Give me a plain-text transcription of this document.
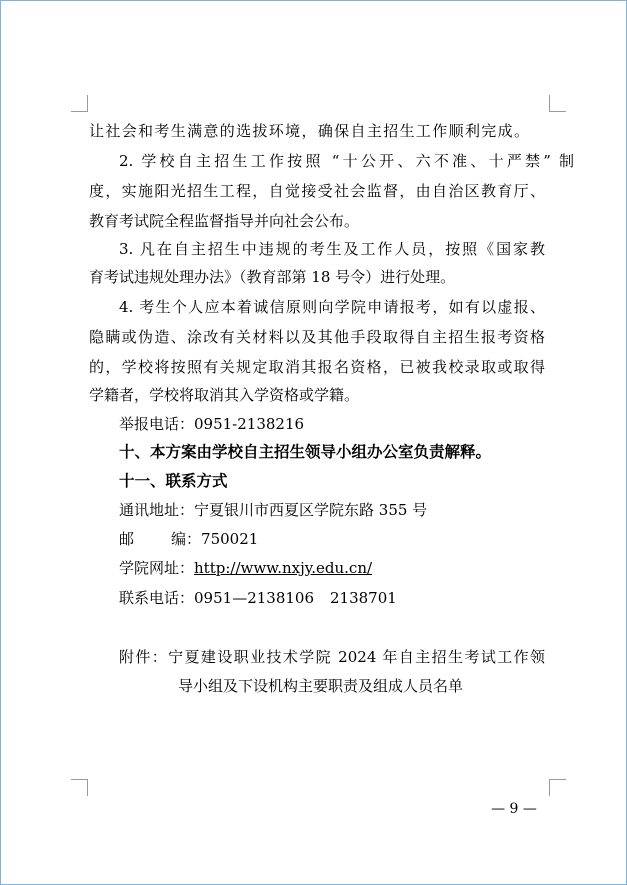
让社会和考生满意的选拔环境，确保自主招生工作顺利完成。
2. 学校自主招生工作按照 “十公开、六不准、十严禁” 制
度，实施阳光招生工程，自觉接受社会监督，由自治区教育厅、
教育考试院全程监督指导并向社会公布。
3. 凡在自主招生中违规的考生及工作人员，按照《国家教
育考试违规处理办法》（教育部第 18 号令）进行处理。
4. 考生个人应本着诚信原则向学院申请报考，如有以虚报、
隐瞒或伪造、涂改有关材料以及其他手段取得自主招生报考资格
的，学校将按照有关规定取消其报名资格，已被我校录取或取得
学籍者，学校将取消其入学资格或学籍。
举报电话：0951-2138216
十、本方案由学校自主招生领导小组办公室负责解释。
十一、联系方式
通讯地址：宁夏银川市西夏区学院东路 355 号
邮 编：750021
学院网址：http://www.nxjy.edu.cn/
联系电话：0951—2138106 2138701
附件：宁夏建设职业技术学院 2024 年自主招生考试工作领
导小组及下设机构主要职责及组成人员名单
— 9 —
